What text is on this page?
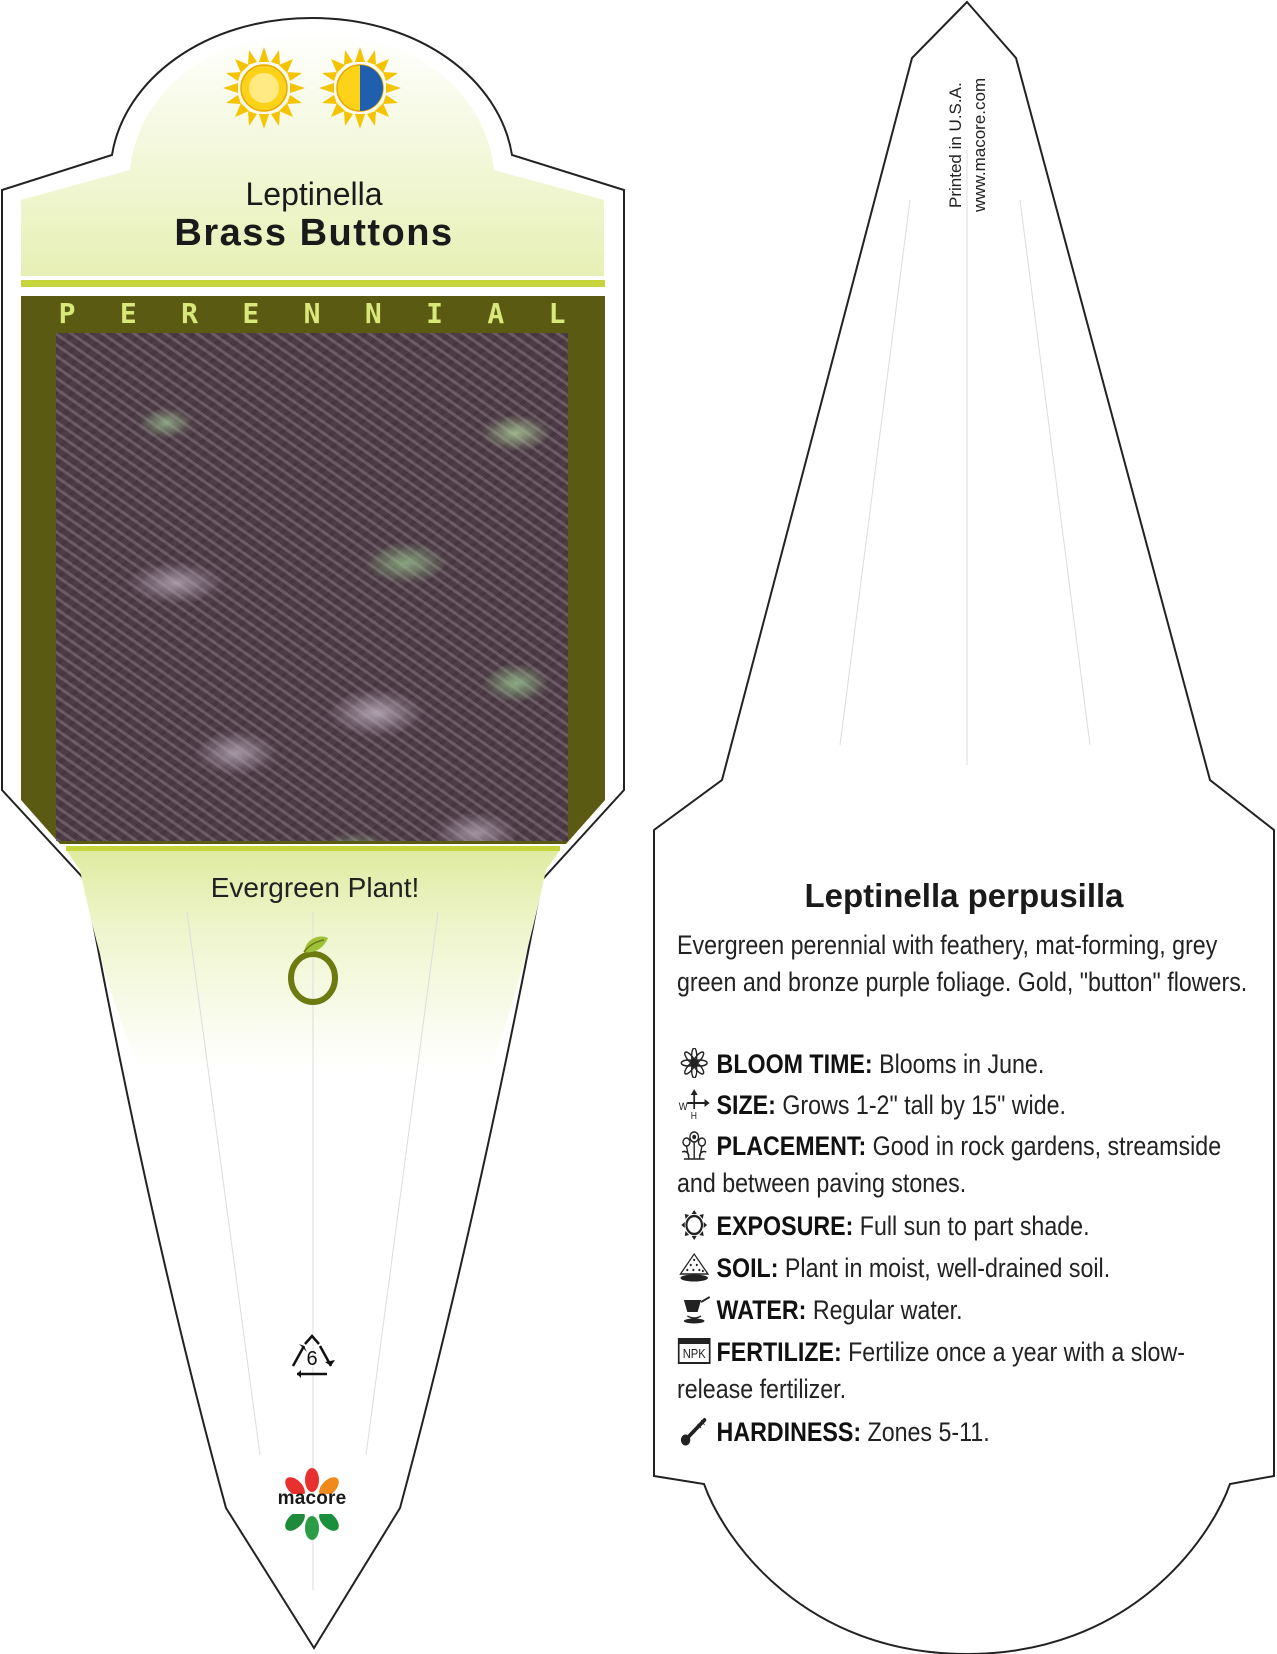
Leptinella
Brass Buttons
P E R E N N I A L
Evergreen Plant!
6
macore
Printed in U.S.A. www.macore.com
Leptinella perpusilla
Evergreen perennial with feathery, mat-forming, grey green and bronze purple foliage. Gold, "button" flowers.
BLOOM TIME: Blooms in June.
W
H SIZE: Grows 1-2" tall by 15" wide.
PLACEMENT: Good in rock gardens, streamside and between paving stones.
EXPOSURE: Full sun to part shade.
SOIL: Plant in moist, well-drained soil.
WATER: Regular water.
NPK FERTILIZE: Fertilize once a year with a slow-release fertilizer.
HARDINESS: Zones 5-11.
